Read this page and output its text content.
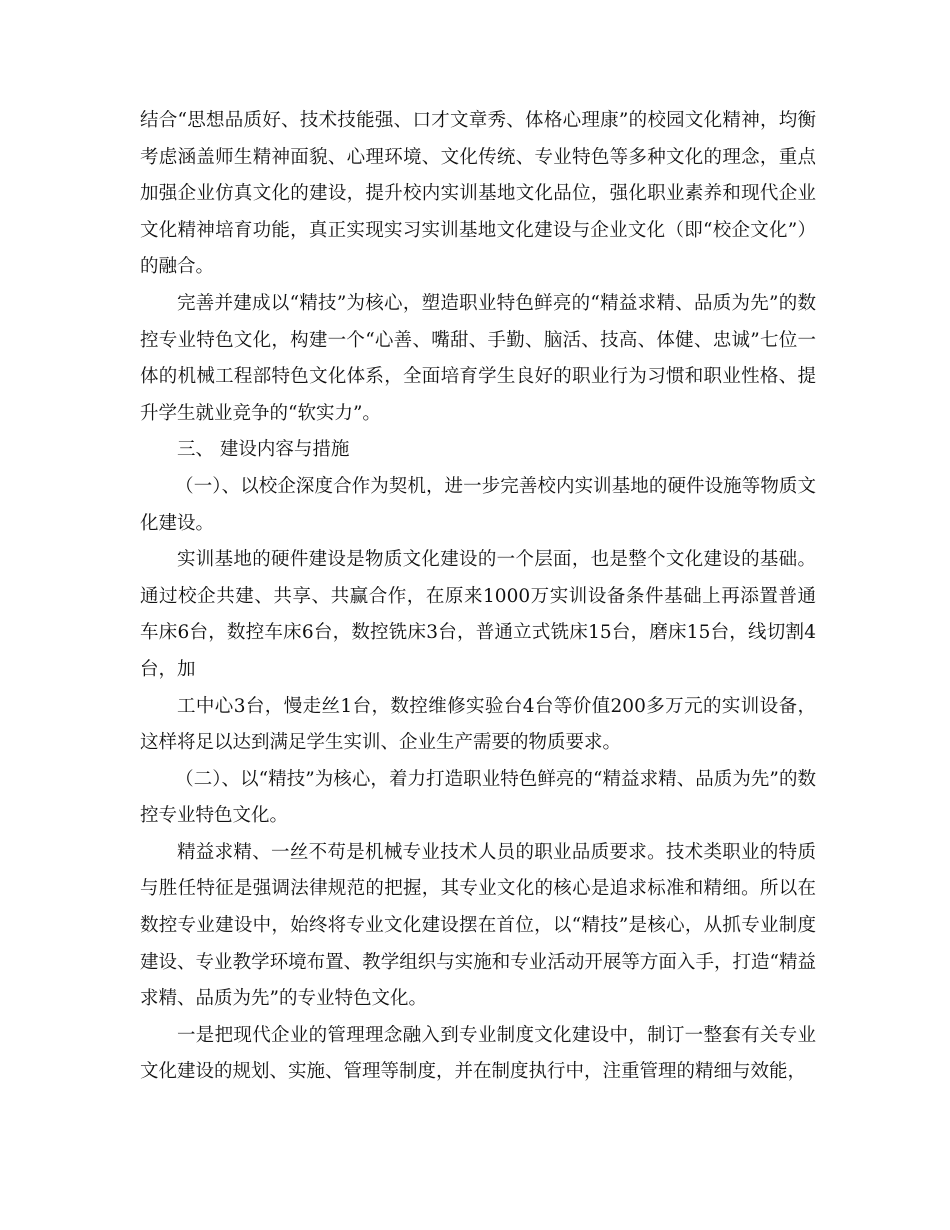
结合“思想品质好、技术技能强、口才文章秀、体格心理康”的校园文化精神，均衡考虑涵盖师生精神面貌、心理环境、文化传统、专业特色等多种文化的理念，重点加强企业仿真文化的建设，提升校内实训基地文化品位，强化职业素养和现代企业文化精神培育功能，真正实现实习实训基地文化建设与企业文化（即“校企文化”）的融合。

完善并建成以“精技”为核心，塑造职业特色鲜亮的“精益求精、品质为先”的数控专业特色文化，构建一个“心善、嘴甜、手勤、脑活、技高、体健、忠诚”七位一体的机械工程部特色文化体系，全面培育学生良好的职业行为习惯和职业性格、提升学生就业竞争的“软实力”。

三、 建设内容与措施

（一）、以校企深度合作为契机，进一步完善校内实训基地的硬件设施等物质文化建设。

实训基地的硬件建设是物质文化建设的一个层面，也是整个文化建设的基础。通过校企共建、共享、共赢合作，在原来1000万实训设备条件基础上再添置普通车床6台，数控车床6台，数控铣床3台，普通立式铣床15台，磨床15台，线切割4台，加

工中心3台，慢走丝1台，数控维修实验台4台等价值200多万元的实训设备，这样将足以达到满足学生实训、企业生产需要的物质要求。

（二）、以“精技”为核心，着力打造职业特色鲜亮的“精益求精、品质为先”的数控专业特色文化。

精益求精、一丝不苟是机械专业技术人员的职业品质要求。技术类职业的特质与胜任特征是强调法律规范的把握，其专业文化的核心是追求标准和精细。所以在数控专业建设中，始终将专业文化建设摆在首位，以“精技”是核心，从抓专业制度建设、专业教学环境布置、教学组织与实施和专业活动开展等方面入手，打造“精益求精、品质为先”的专业特色文化。

一是把现代企业的管理理念融入到专业制度文化建设中，制订一整套有关专业文化建设的规划、实施、管理等制度，并在制度执行中，注重管理的精细与效能，
